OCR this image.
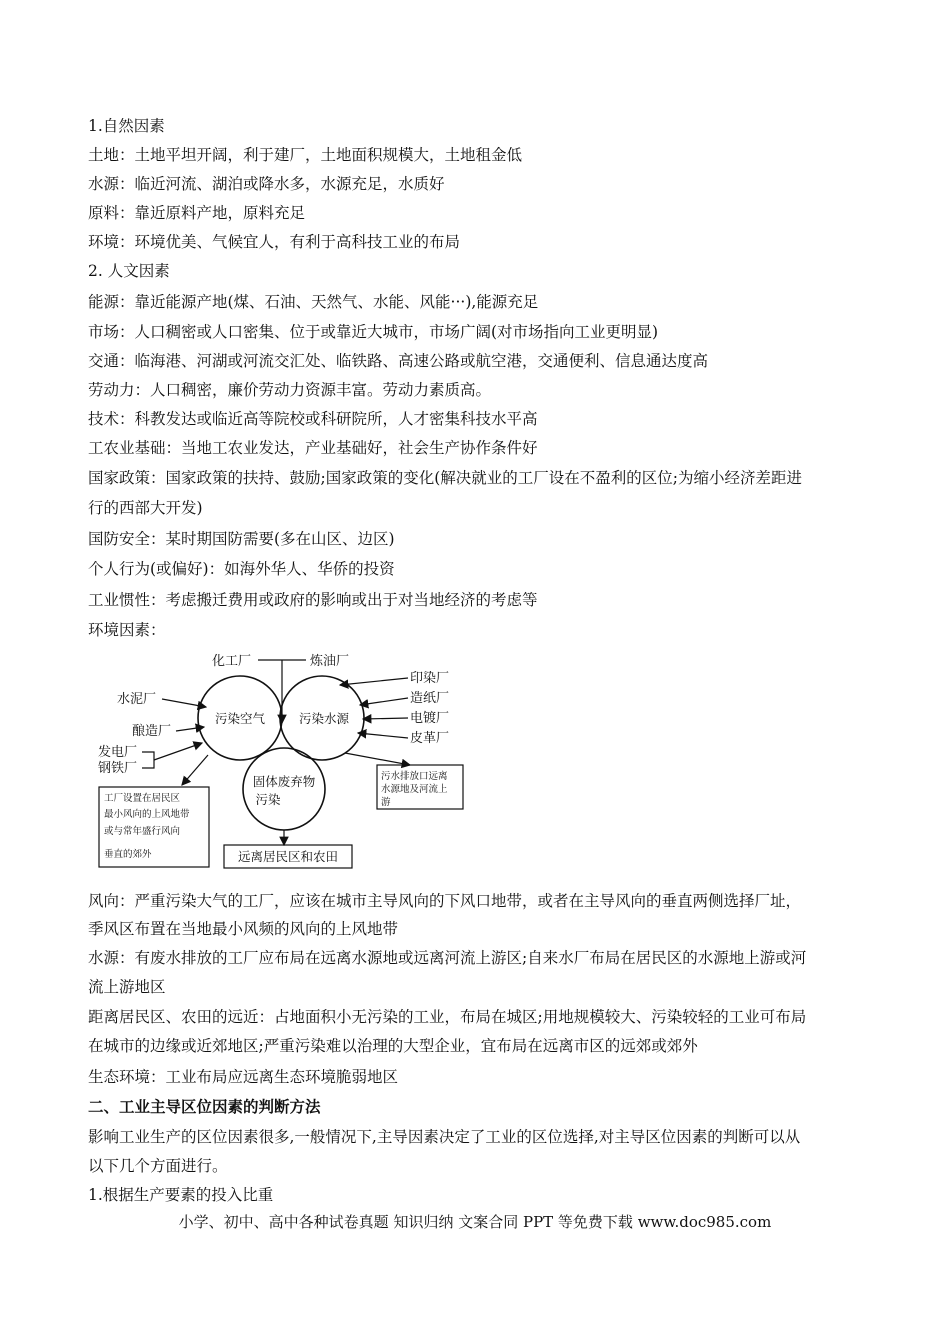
1.自然因素
土地：土地平坦开阔，利于建厂，土地面积规模大，土地租金低
水源：临近河流、湖泊或降水多，水源充足，水质好
原料：靠近原料产地，原料充足
环境：环境优美、气候宜人，有利于高科技工业的布局
2. 人文因素
能源：靠近能源产地(煤、石油、天然气、水能、风能···),能源充足
市场：人口稠密或人口密集、位于或靠近大城市，市场广阔(对市场指向工业更明显)
交通：临海港、河湖或河流交汇处、临铁路、高速公路或航空港，交通便利、信息通达度高
劳动力：人口稠密，廉价劳动力资源丰富。劳动力素质高。
技术：科教发达或临近高等院校或科研院所，人才密集科技水平高
工农业基础：当地工农业发达，产业基础好，社会生产协作条件好
国家政策：国家政策的扶持、鼓励;国家政策的变化(解决就业的工厂设在不盈利的区位;为缩小经济差距进
行的西部大开发)
国防安全：某时期国防需要(多在山区、边区)
个人行为(或偏好)：如海外华人、华侨的投资
工业惯性：考虑搬迁费用或政府的影响或出于对当地经济的考虑等
环境因素：
污染空气	污染水源
固体废弃物
污染
化工厂	炼油厂
水泥厂
酿造厂
发电厂
钢铁厂
印染厂
造纸厂
电镀厂
皮革厂
工厂设置在居民区
最小风向的上风地带
或与常年盛行风向
垂直的郊外
污水排放口远离
水源地及河流上
游
远离居民区和农田
风向：严重污染大气的工厂，应该在城市主导风向的下风口地带，或者在主导风向的垂直两侧选择厂址，
季风区布置在当地最小风频的风向的上风地带
水源：有废水排放的工厂应布局在远离水源地或远离河流上游区;自来水厂布局在居民区的水源地上游或河
流上游地区
距离居民区、农田的远近：占地面积小无污染的工业，布局在城区;用地规模较大、污染较轻的工业可布局
在城市的边缘或近郊地区;严重污染难以治理的大型企业，宜布局在远离市区的远郊或郊外
生态环境：工业布局应远离生态环境脆弱地区
二、工业主导区位因素的判断方法
影响工业生产的区位因素很多,一般情况下,主导因素决定了工业的区位选择,对主导区位因素的判断可以从
以下几个方面进行。
1.根据生产要素的投入比重
小学、初中、高中各种试卷真题 知识归纳 文案合同 PPT 等免费下载 www.doc985.com
